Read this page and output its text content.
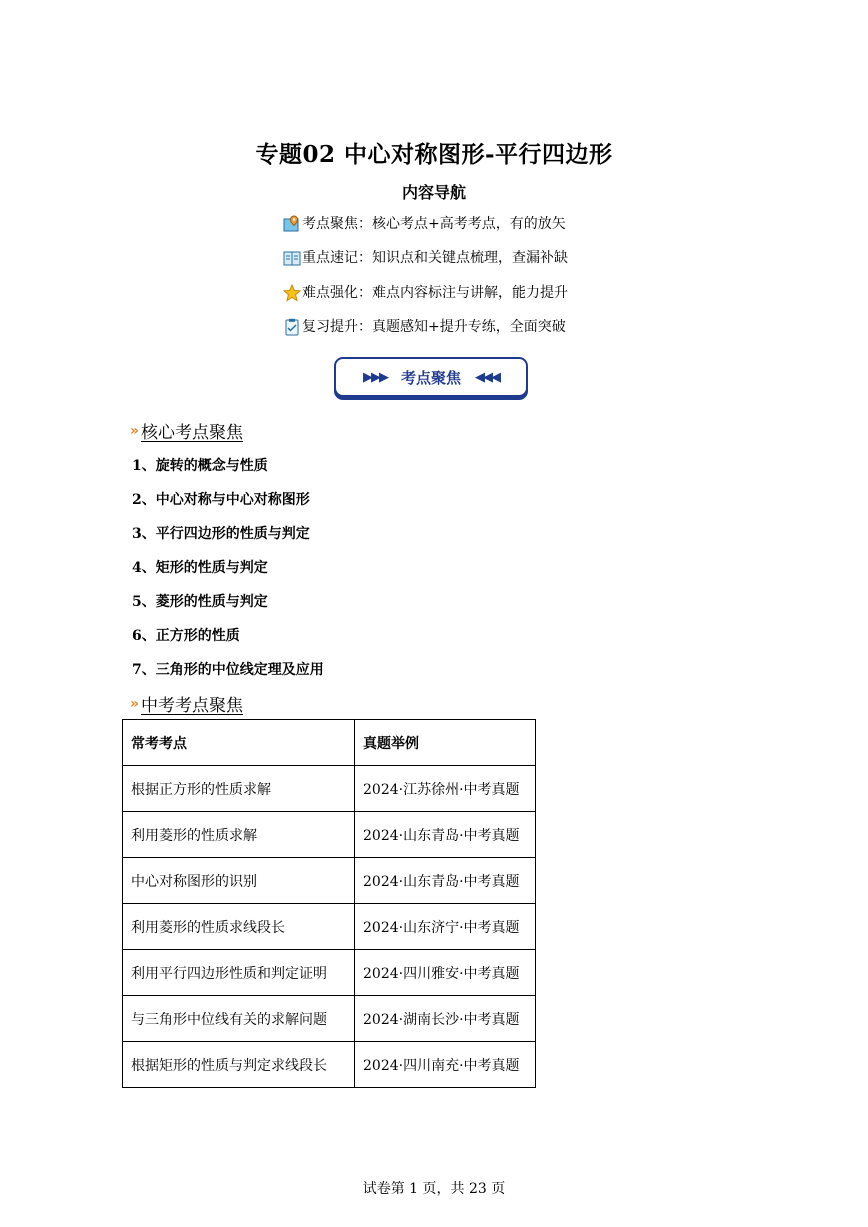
专题02 中心对称图形-平行四边形
内容导航
考点聚焦：核心考点+高考考点，有的放矢
重点速记：知识点和关键点梳理，查漏补缺
难点强化：难点内容标注与讲解，能力提升
复习提升：真题感知+提升专练，全面突破
▶▶▶ 考点聚焦 ◀◀◀
» 核心考点聚焦
1、旋转的概念与性质
2、中心对称与中心对称图形
3、平行四边形的性质与判定
4、矩形的性质与判定
5、菱形的性质与判定
6、正方形的性质
7、三角形的中位线定理及应用
» 中考考点聚焦
常考考点	真题举例
根据正方形的性质求解	2024·江苏徐州·中考真题
利用菱形的性质求解	2024·山东青岛·中考真题
中心对称图形的识别	2024·山东青岛·中考真题
利用菱形的性质求线段长	2024·山东济宁·中考真题
利用平行四边形性质和判定证明	2024·四川雅安·中考真题
与三角形中位线有关的求解问题	2024·湖南长沙·中考真题
根据矩形的性质与判定求线段长	2024·四川南充·中考真题
试卷第 1 页，共 23 页
